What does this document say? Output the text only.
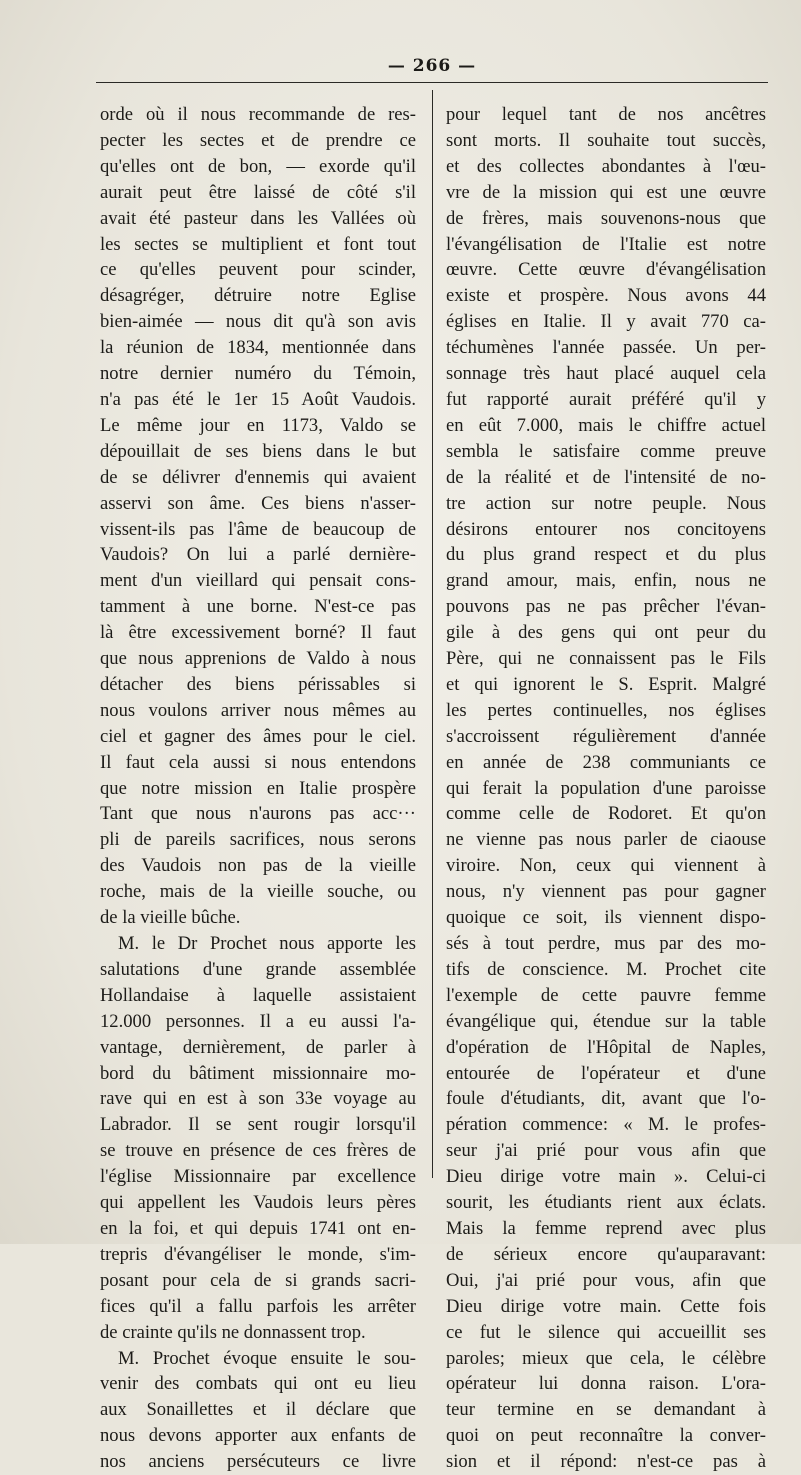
— 266 —
orde où il nous recommande de res-
pecter les sectes et de prendre ce
qu'elles ont de bon, — exorde qu'il
aurait peut être laissé de côté s'il
avait été pasteur dans les Vallées où
les sectes se multiplient et font tout
ce qu'elles peuvent pour scinder,
désagréger, détruire notre Eglise
bien-aimée — nous dit qu'à son avis
la réunion de 1834, mentionnée dans
notre dernier numéro du Témoin,
n'a pas été le 1er 15 Août Vaudois.
Le même jour en 1173, Valdo se
dépouillait de ses biens dans le but
de se délivrer d'ennemis qui avaient
asservi son âme. Ces biens n'asser-
vissent-ils pas l'âme de beaucoup de
Vaudois? On lui a parlé dernière-
ment d'un vieillard qui pensait cons-
tamment à une borne. N'est-ce pas
là être excessivement borné? Il faut
que nous apprenions de Valdo à nous
détacher des biens périssables si
nous voulons arriver nous mêmes au
ciel et gagner des âmes pour le ciel.
Il faut cela aussi si nous entendons
que notre mission en Italie prospère
Tant que nous n'aurons pas acc···
pli de pareils sacrifices, nous serons
des Vaudois non pas de la vieille
roche, mais de la vieille souche, ou
de la vieille bûche.
M. le Dr Prochet nous apporte les
salutations d'une grande assemblée
Hollandaise à laquelle assistaient
12.000 personnes. Il a eu aussi l'a-
vantage, dernièrement, de parler à
bord du bâtiment missionnaire mo-
rave qui en est à son 33e voyage au
Labrador. Il se sent rougir lorsqu'il
se trouve en présence de ces frères de
l'église Missionnaire par excellence
qui appellent les Vaudois leurs pères
en la foi, et qui depuis 1741 ont en-
trepris d'évangéliser le monde, s'im-
posant pour cela de si grands sacri-
fices qu'il a fallu parfois les arrêter
de crainte qu'ils ne donnassent trop.
M. Prochet évoque ensuite le sou-
venir des combats qui ont eu lieu
aux Sonaillettes et il déclare que
nous devons apporter aux enfants de
nos anciens persécuteurs ce livre
pour lequel tant de nos ancêtres
sont morts. Il souhaite tout succès,
et des collectes abondantes à l'œu-
vre de la mission qui est une œuvre
de frères, mais souvenons-nous que
l'évangélisation de l'Italie est notre
œuvre. Cette œuvre d'évangélisation
existe et prospère. Nous avons 44
églises en Italie. Il y avait 770 ca-
téchumènes l'année passée. Un per-
sonnage très haut placé auquel cela
fut rapporté aurait préféré qu'il y
en eût 7.000, mais le chiffre actuel
sembla le satisfaire comme preuve
de la réalité et de l'intensité de no-
tre action sur notre peuple. Nous
désirons entourer nos concitoyens
du plus grand respect et du plus
grand amour, mais, enfin, nous ne
pouvons pas ne pas prêcher l'évan-
gile à des gens qui ont peur du
Père, qui ne connaissent pas le Fils
et qui ignorent le S. Esprit. Malgré
les pertes continuelles, nos églises
s'accroissent régulièrement d'année
en année de 238 communiants ce
qui ferait la population d'une paroisse
comme celle de Rodoret. Et qu'on
ne vienne pas nous parler de ciaouse
viroire. Non, ceux qui viennent à
nous, n'y viennent pas pour gagner
quoique ce soit, ils viennent dispo-
sés à tout perdre, mus par des mo-
tifs de conscience. M. Prochet cite
l'exemple de cette pauvre femme
évangélique qui, étendue sur la table
d'opération de l'Hôpital de Naples,
entourée de l'opérateur et d'une
foule d'étudiants, dit, avant que l'o-
pération commence: « M. le profes-
seur j'ai prié pour vous afin que
Dieu dirige votre main ». Celui-ci
sourit, les étudiants rient aux éclats.
Mais la femme reprend avec plus
de sérieux encore qu'auparavant:
Oui, j'ai prié pour vous, afin que
Dieu dirige votre main. Cette fois
ce fut le silence qui accueillit ses
paroles; mieux que cela, le célèbre
opérateur lui donna raison. L'ora-
teur termine en se demandant à
quoi on peut reconnaître la conver-
sion et il répond: n'est-ce pas à
